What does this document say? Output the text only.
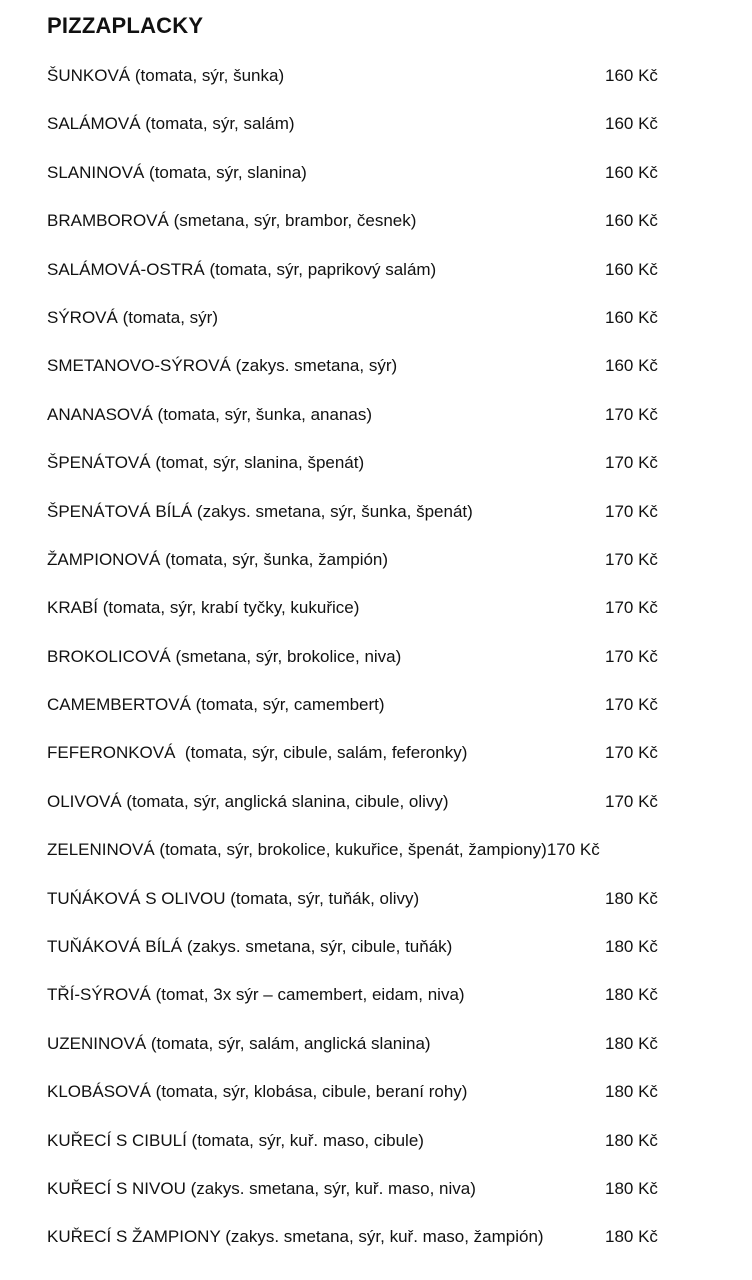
PIZZAPLACKY
ŠUNKOVÁ (tomata, sýr, šunka)	160 Kč
SALÁMOVÁ (tomata, sýr, salám)	160 Kč
SLANINOVÁ (tomata, sýr, slanina)	160 Kč
BRAMBOROVÁ (smetana, sýr, brambor, česnek)	160 Kč
SALÁMOVÁ-OSTRÁ (tomata, sýr, paprikový salám)	160 Kč
SÝROVÁ (tomata, sýr)	160 Kč
SMETANOVO-SÝROVÁ (zakys. smetana, sýr)	160 Kč
ANANASOVÁ (tomata, sýr, šunka, ananas)	170 Kč
ŠPENÁTOVÁ (tomat, sýr, slanina, špenát)	170 Kč
ŠPENÁTOVÁ BÍLÁ (zakys. smetana, sýr, šunka, špenát)	170 Kč
ŽAMPIONOVÁ (tomata, sýr, šunka, žampión)	170 Kč
KRABÍ (tomata, sýr, krabí tyčky, kukuřice)	170 Kč
BROKOLICOVÁ (smetana, sýr, brokolice, niva)	170 Kč
CAMEMBERTOVÁ (tomata, sýr, camembert)	170 Kč
FEFERONKOVÁ  (tomata, sýr, cibule, salám, feferonky)	170 Kč
OLIVOVÁ (tomata, sýr, anglická slanina, cibule, olivy)	170 Kč
ZELENINOVÁ (tomata, sýr, brokolice, kukuřice, špenát, žampiony) 170 Kč
TUŃÁKOVÁ S OLIVOU (tomata, sýr, tuňák, olivy)	180 Kč
TUŇÁKOVÁ BÍLÁ (zakys. smetana, sýr, cibule, tuňák)	180 Kč
TŘÍ-SÝROVÁ (tomat, 3x sýr – camembert, eidam, niva)	180 Kč
UZENINOVÁ (tomata, sýr, salám, anglická slanina)	180 Kč
KLOBÁSOVÁ (tomata, sýr, klobása, cibule, beraní rohy)	180 Kč
KUŘECÍ S CIBULÍ (tomata, sýr, kuř. maso, cibule)	180 Kč
KUŘECÍ S NIVOU (zakys. smetana, sýr, kuř. maso, niva)	180 Kč
KUŘECÍ S ŽAMPIONY (zakys. smetana, sýr, kuř. maso, žampión)	180 Kč
